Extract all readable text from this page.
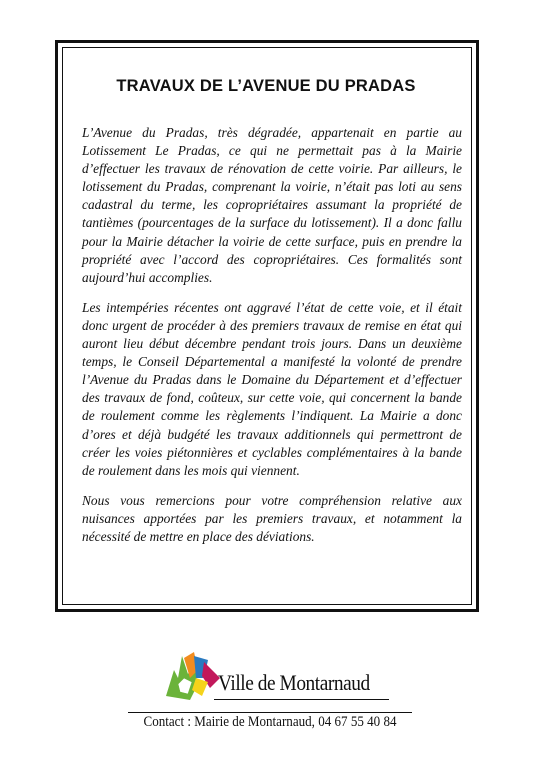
TRAVAUX DE L’AVENUE DU PRADAS

L’Avenue du Pradas, très dégradée, appartenait en partie au Lotissement Le Pradas, ce qui ne permettait pas à la Mairie d’effectuer les travaux de rénovation de cette voirie. Par ailleurs, le lotissement du Pradas, comprenant la voirie, n’était pas loti au sens cadastral du terme, les copropriétaires assumant la propriété de tantièmes (pourcentages de la surface du lotissement). Il a donc fallu pour la Mairie détacher la voirie de cette surface, puis en prendre la propriété avec l’accord des copropriétaires. Ces formalités sont aujourd’hui accomplies.

Les intempéries récentes ont aggravé l’état de cette voie, et il était donc urgent de procéder à des premiers travaux de remise en état qui auront lieu début décembre pendant trois jours. Dans un deuxième temps, le Conseil Départemental a manifesté la volonté de prendre l’Avenue du Pradas dans le Domaine du Département et d’effectuer des travaux de fond, coûteux, sur cette voie, qui concernent la bande de roulement comme les règlements l’indiquent. La Mairie a donc d’ores et déjà budgété les travaux additionnels qui permettront de créer les voies piétonnières et cyclables complémentaires à la bande de roulement dans les mois qui viennent.

Nous vous remercions pour votre compréhension relative aux nuisances apportées par les premiers travaux, et notamment la nécessité de mettre en place des déviations.

Ville de Montarnaud
Contact : Mairie de Montarnaud, 04 67 55 40 84
